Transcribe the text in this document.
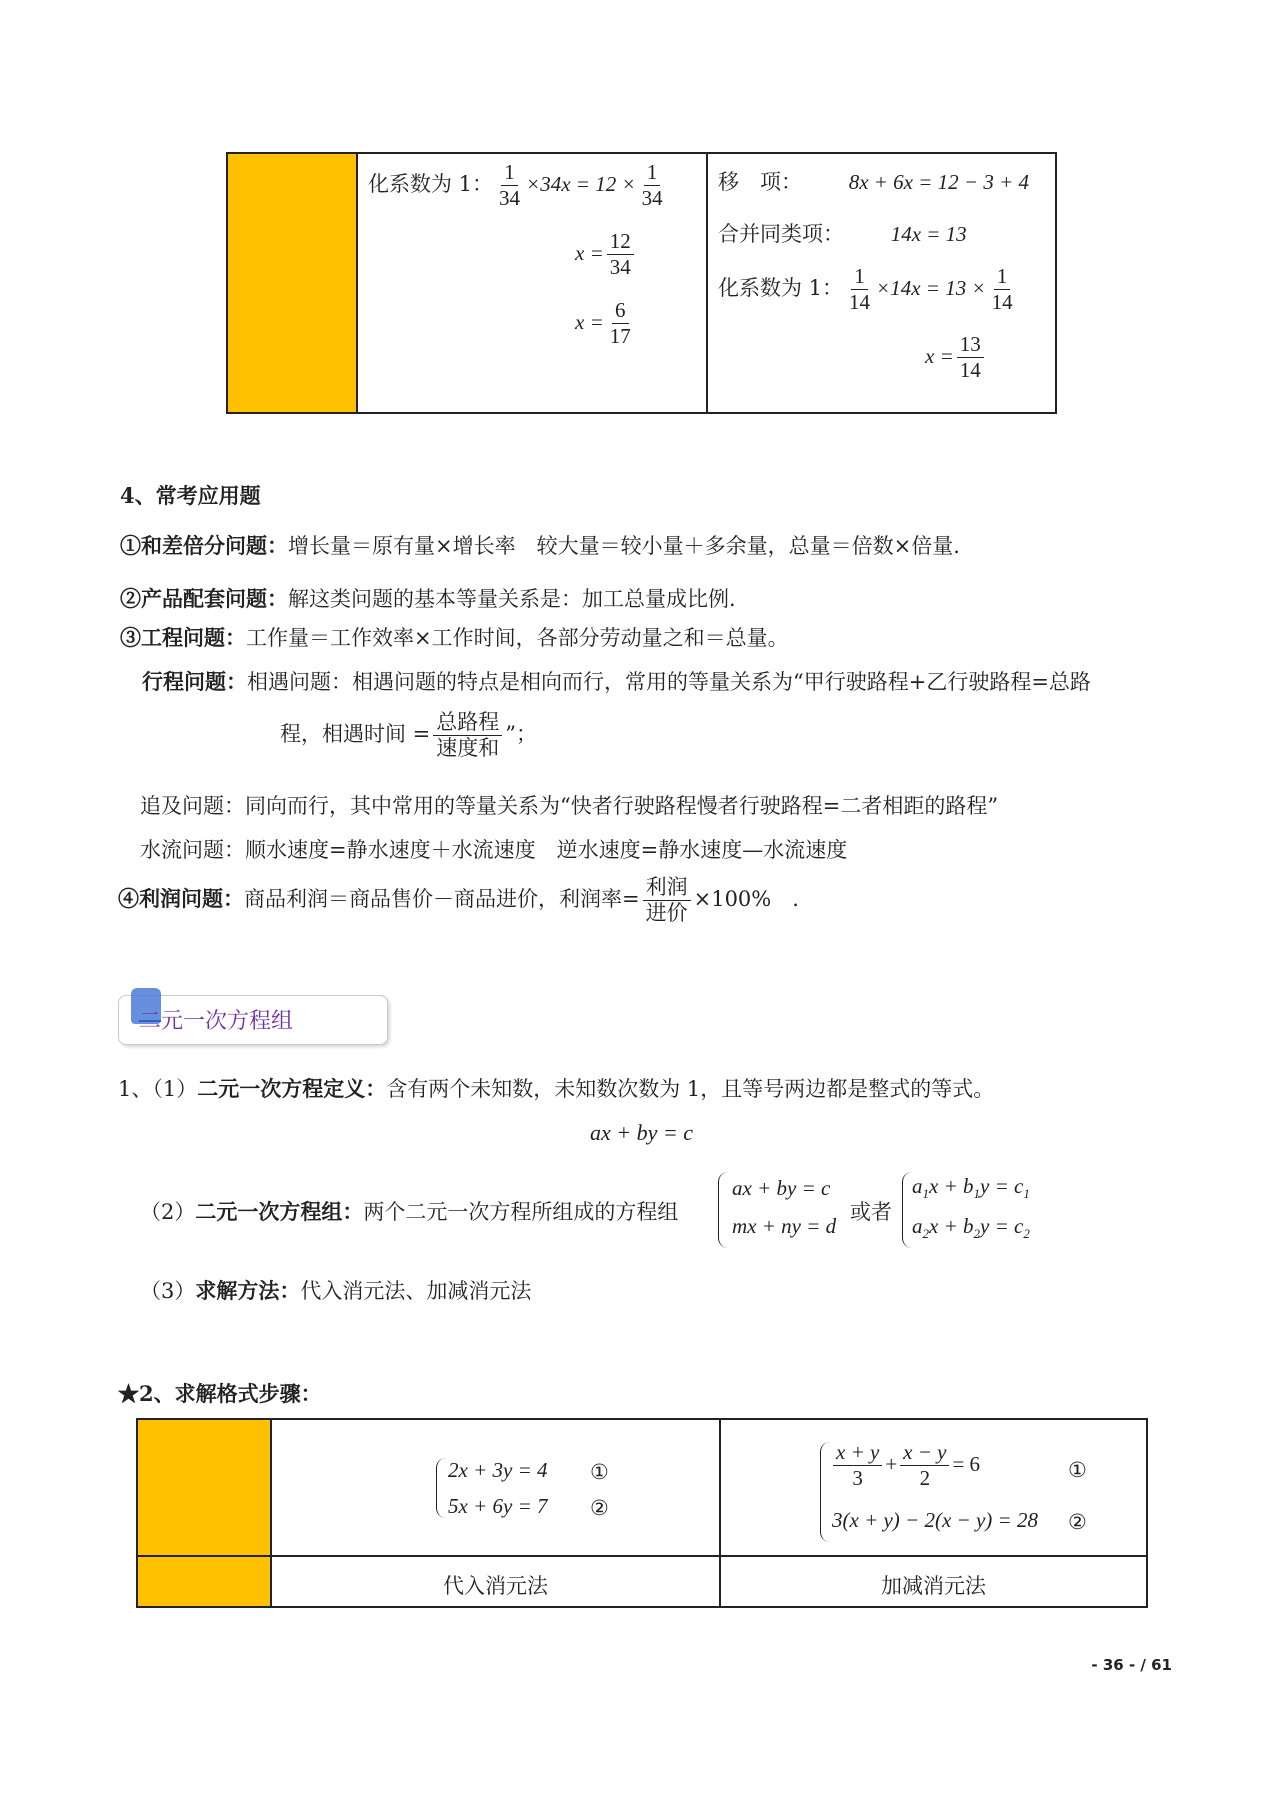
化系数为 1： $\frac{1}{34} \times 34x = 12 \times \frac{1}{34}$
$x = \frac{12}{34}$
$x = \frac{6}{17}$
移　项： 8x + 6x = 12 − 3 + 4
合并同类项： 14x = 13
化系数为 1： $\frac{1}{14} \times 14x = 13 \times \frac{1}{14}$
$x = \frac{13}{14}$
4、常考应用题
①和差倍分问题：增长量＝原有量×增长率　较大量＝较小量＋多余量，总量＝倍数×倍量.
②产品配套问题：解这类问题的基本等量关系是：加工总量成比例.
③工程问题：工作量＝工作效率×工作时间，各部分劳动量之和＝总量。
行程问题：相遇问题：相遇问题的特点是相向而行，常用的等量关系为“甲行驶路程+乙行驶路程=总路
程，相遇时间 = $\frac{\text{总路程}}{\text{速度和}}$ ”；
追及问题：同向而行，其中常用的等量关系为“快者行驶路程慢者行驶路程=二者相距的路程”
水流问题：顺水速度=静水速度＋水流速度　逆水速度=静水速度—水流速度
④利润问题：商品利润＝商品售价－商品进价，利润率= $\frac{\text{利润}}{\text{进价}} \times 100\%$　.
二元一次方程组
1、（1）二元一次方程定义：含有两个未知数，未知数次数为 1，且等号两边都是整式的等式。
ax + by = c
（2）二元一次方程组：两个二元一次方程所组成的方程组
ax + by = c
mx + ny = d
或者
$a_1x + b_1y = c_1$
$a_2x + b_2y = c_2$
（3）求解方法：代入消元法、加减消元法
★2、求解格式步骤：
2x + 3y = 4
5x + 6y = 7
①
②
$\frac{x + y}{3} + \frac{x - y}{2} = 6$
3(x + y) − 2(x − y) = 28
①
②
代入消元法	加减消元法
- 36 - / 61
